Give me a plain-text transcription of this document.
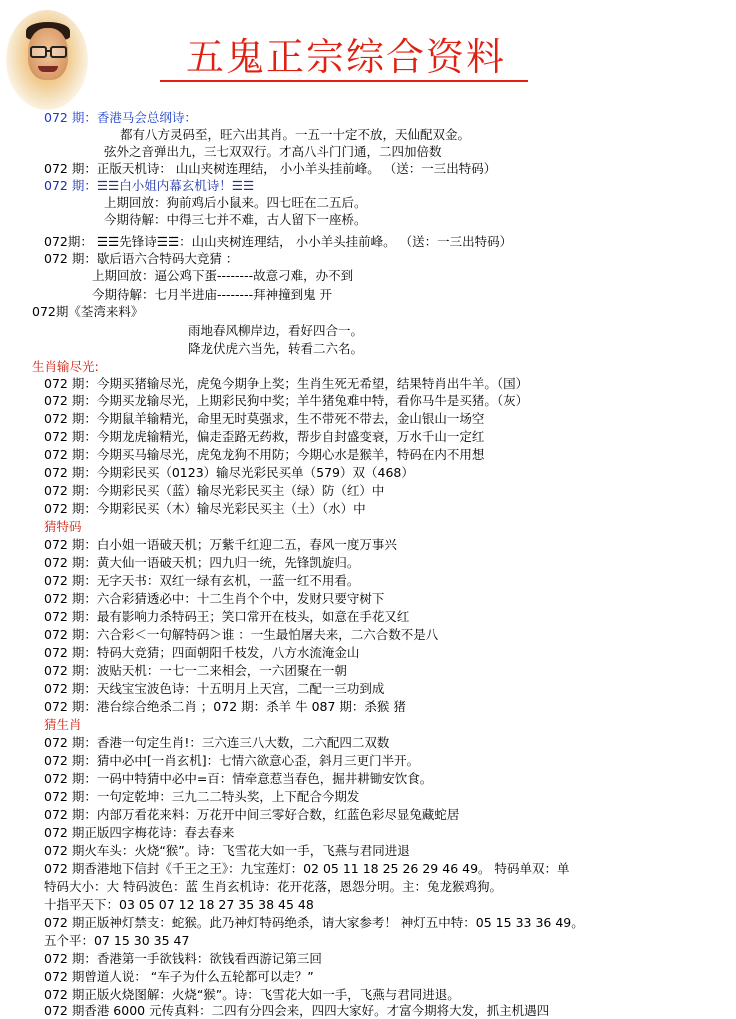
五鬼正宗综合资料
072 期：香港马会总纲诗：
都有八方灵码至，旺六出其肖。一五一十定不放，天仙配双金。
弦外之音弹出九，三七双双行。才高八斗门门通，二四加倍数
072 期：正版天机诗： 山山夹树连理结， 小小羊头挂前峰。 （送：一三出特码）
072 期：☰☰白小姐内幕玄机诗！☰☰
上期回放：狗前鸡后小鼠来。四七旺在二五后。
今期待解：中得三七并不难，古人留下一座桥。
072期： ☰☰先锋诗☰☰：山山夹树连理结， 小小羊头挂前峰。 （送：一三出特码）
072 期：歇后语六合特码大竞猜 ：
上期回放：逼公鸡下蛋--------故意刁难，办不到
今期待解：七月半进庙--------拜神撞到鬼 开
072期《荃湾来料》
雨地春风柳岸边，看好四合一。
降龙伏虎六当先，转看二六名。
生肖输尽光:
072 期：今期买猪输尽光，虎兔今期争上奖；生肖生死无希望，结果特肖出牛羊。（国）
072 期：今期买龙输尽光，上期彩民狗中奖；羊牛猪兔难中特，看你马牛是买猪。（灰）
072 期：今期鼠羊输精光，命里无时莫强求，生不带死不带去，金山银山一场空
072 期：今期龙虎输精光，偏走歪路无药救，帮步自封盛变衰，万水千山一定红
072 期：今期买马输尽光，虎兔龙狗不用防；今期心水是猴羊，特码在内不用想
072 期：今期彩民买（0123）输尽光彩民买单（579）双（468）
072 期：今期彩民买（蓝）输尽光彩民买主（绿）防（红）中
072 期：今期彩民买（木）输尽光彩民买主（土）（水）中
猜特码
072 期：白小姐一语破天机；万紫千红迎二五，春风一度万事兴
072 期：黄大仙一语破天机；四九归一统，先锋凯旋归。
072 期：无字天书：双红一绿有玄机，一蓝一红不用看。
072 期：六合彩猜透必中：十二生肖个个中，发财只要守树下
072 期：最有影响力杀特码王；笑口常开在枝头，如意在手花又红
072 期：六合彩＜一句解特码＞谁 ：一生最怕屠夫来，二六合数不是八
072 期：特码大竞猜；四面朝阳千枝发，八方水流淹金山
072 期：波贴天机：一七一二来相会，一六团聚在一朝
072 期：天线宝宝波色诗：十五明月上天宫，二配一三功到成
072 期：港台综合绝杀二肖 ；072 期：杀羊 牛 087 期：杀猴 猪
猜生肖
072 期：香港一句定生肖!：三六连三八大数，二六配四二双数
072 期：猜中必中[一肖玄机]：七情六欲意心歪，斜月三更门半开。
072 期：一码中特猜中必中=百：情牵意惹当春色，掘井耕锄安饮食。
072 期：一句定乾坤：三九二二特头奖，上下配合今期发
072 期：内部万看花来料：万花开中间三零好合数，红蓝色彩尽显兔藏蛇居
072 期正版四字梅花诗：春去春来
072 期火车头：火烧“猴”。诗：飞雪花大如一手，飞燕与君同进退
072 期香港地下信封《千王之王》：九宝莲灯：02 05 11 18 25 26 29 46 49。 特码单双：单
特码大小：大 特码波色：蓝 生肖玄机诗：花开花落，恩怨分明。主：兔龙猴鸡狗。
十指平天下：03 05 07 12 18 27 35 38 45 48
072 期正版神灯禁支：蛇猴。此乃神灯特码绝杀，请大家参考！ 神灯五中特：05 15 33 36 49。
五个平：07 15 30 35 47
072 期：香港第一手欲钱料：欲钱看西游记第三回
072 期曾道人说： “车子为什么五轮都可以走？”
072 期正版火烧图解：火烧“猴”。诗：飞雪花大如一手，飞燕与君同进退。
072 期香港 6000 元传真料：二四有分四会来，四四大家好。才富今期将大发，抓主机遇四
